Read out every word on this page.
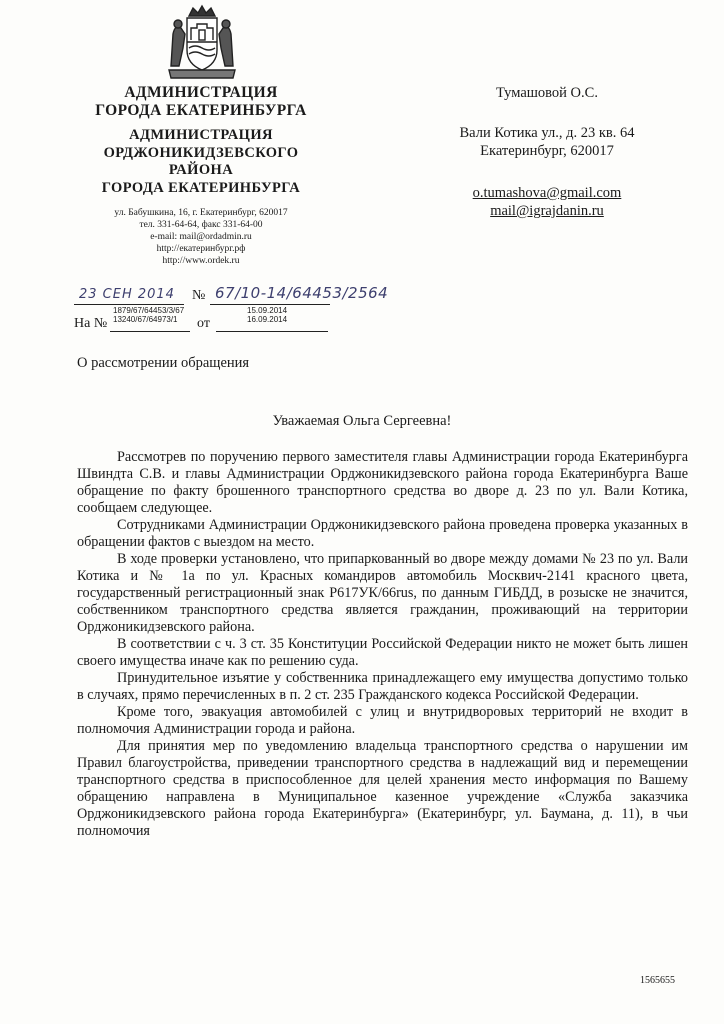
АДМИНИСТРАЦИЯ
ГОРОДА ЕКАТЕРИНБУРГА
АДМИНИСТРАЦИЯ
ОРДЖОНИКИДЗЕВСКОГО
РАЙОНА
ГОРОДА ЕКАТЕРИНБУРГА
ул. Бабушкина, 16, г. Екатеринбург, 620017
тел. 331-64-64, факс 331-64-00
e-mail: mail@ordadmin.ru
http://екатеринбург.рф
http://www.ordek.ru
23 СЕН 2014 № 67/10-14/64453/2564
На №
1879/67/64453/3/67
13240/67/64973/1	от
15.09.2014
16.09.2014
Тумашовой О.С.
Вали Котика ул., д. 23 кв. 64
Екатеринбург, 620017
o.tumashova@gmail.com
mail@igrajdanin.ru
О рассмотрении обращения
Уважаемая Ольга Сергеевна!

Рассмотрев по поручению первого заместителя главы Администрации города Екатеринбурга Швиндта С.В. и главы Администрации Орджоникидзевского района города Екатеринбурга Ваше обращение по факту брошенного транспортного средства во дворе д. 23 по ул. Вали Котика, сообщаем следующее.

Сотрудниками Администрации Орджоникидзевского района проведена проверка указанных в обращении фактов с выездом на место.

В ходе проверки установлено, что припаркованный во дворе между домами № 23 по ул. Вали Котика и № 1а по ул. Красных командиров автомобиль Москвич-2141 красного цвета, государственный регистрационный знак Р617УК/66rus, по данным ГИБДД, в розыске не значится, собственником транспортного средства является гражданин, проживающий на территории Орджоникидзевского района.

В соответствии с ч. 3 ст. 35 Конституции Российской Федерации никто не может быть лишен своего имущества иначе как по решению суда.

Принудительное изъятие у собственника принадлежащего ему имущества допустимо только в случаях, прямо перечисленных в п. 2 ст. 235 Гражданского кодекса Российской Федерации.

Кроме того, эвакуация автомобилей с улиц и внутридворовых территорий не входит в полномочия Администрации города и района.

Для принятия мер по уведомлению владельца транспортного средства о нарушении им Правил благоустройства, приведении транспортного средства в надлежащий вид и перемещении транспортного средства в приспособленное для целей хранения место информация по Вашему обращению направлена в Муниципальное казенное учреждение «Служба заказчика Орджоникидзевского района города Екатеринбурга» (Екатеринбург, ул. Баумана, д. 11), в чьи полномочия

1565655
